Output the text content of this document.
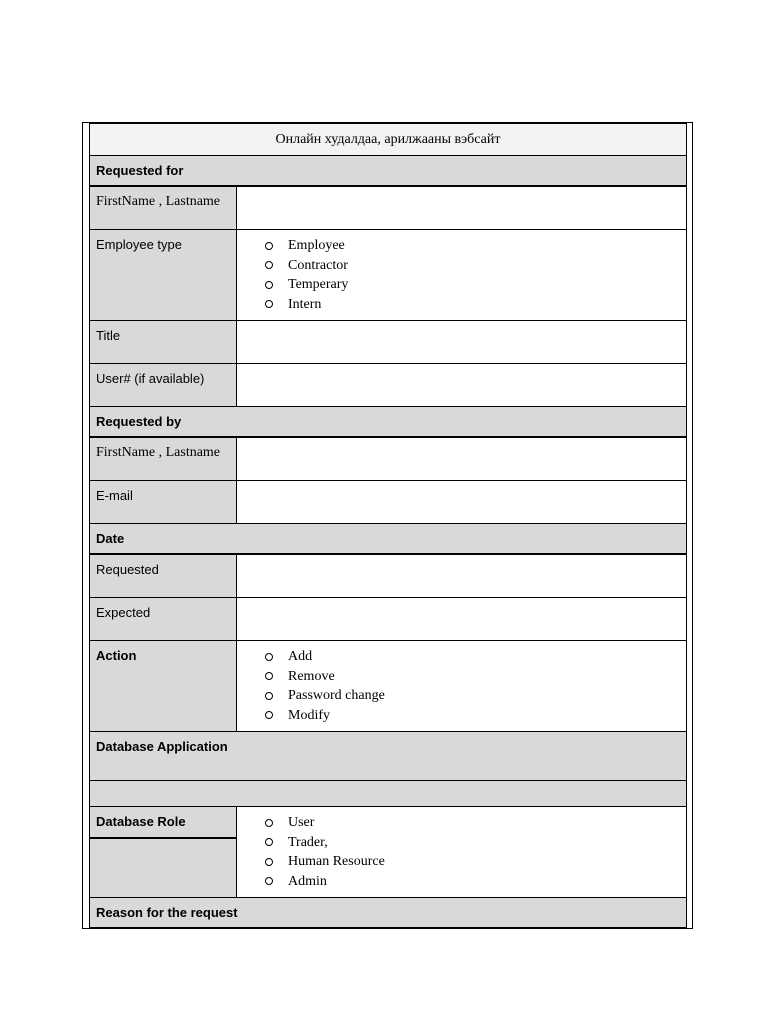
Онлайн худалдаа, арилжааны вэбсайт
Requested for
FirstName , Lastname
Employee type	Employee
Contractor
Temperary
Intern
Title
User# (if available)
Requested by
FirstName , Lastname
E-mail
Date
Requested
Expected
Action	Add
Remove
Password change
Modify
Database Application
Database Role	User
Trader,
Human Resource
Admin
Reason for the request
